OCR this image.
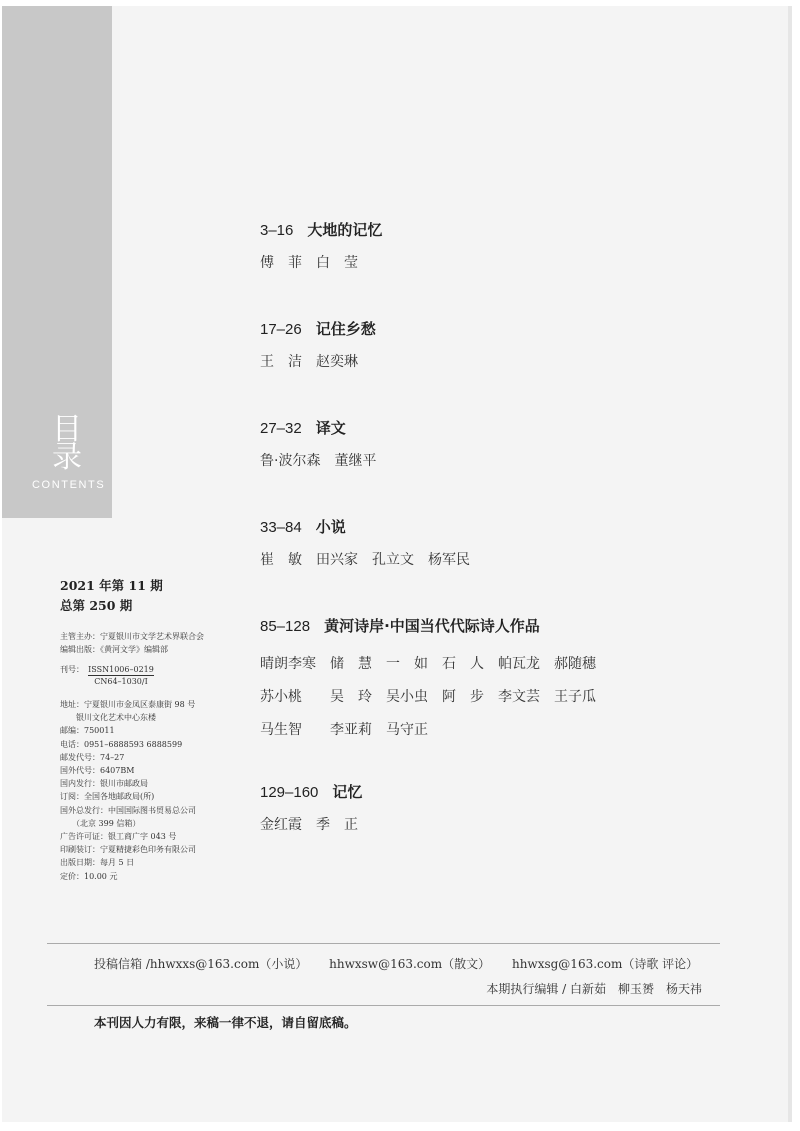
目
录
CONTENTS
3–16 大地的记忆
傅　菲　白　莹
17–26 记住乡愁
王　洁　赵奕琳
27–32 译文
鲁·波尔森　董继平
33–84 小说
崔　敏　田兴家　孔立文　杨军民
85–128 黄河诗岸·中国当代代际诗人作品
晴朗李寒　储　慧　一　如　石　人　帕瓦龙　郝随穗
苏小桃　　吴　玲　吴小虫　阿　步　李文芸　王子瓜
马生智　　李亚莉　马守正
129–160 记忆
金红霞　季　正
2021 年第 11 期
总第 250 期
主管主办：宁夏银川市文学艺术界联合会
编辑出版：《黄河文学》编辑部
刊号： ISSN1006–0219
CN64–1030/I
地址：宁夏银川市金凤区泰康街 98 号
　　银川文化艺术中心东楼
邮编：750011
电话：0951–6888593 6888599
邮发代号：74–27
国外代号：6407BM
国内发行：银川市邮政局
订阅：全国各地邮政局(所)
国外总发行：中国国际图书贸易总公司
　　（北京 399 信箱）
广告许可证：银工商广字 043 号
印刷装订：宁夏精捷彩色印务有限公司
出版日期：每月 5 日
定价：10.00 元
投稿信箱 /hhwxxs@163.com（小说） hhwxsw@163.com（散文） hhwxsg@163.com（诗歌 评论）
本期执行编辑 / 白新茹　柳玉赟　杨天祎
本刊因人力有限，来稿一律不退，请自留底稿。
